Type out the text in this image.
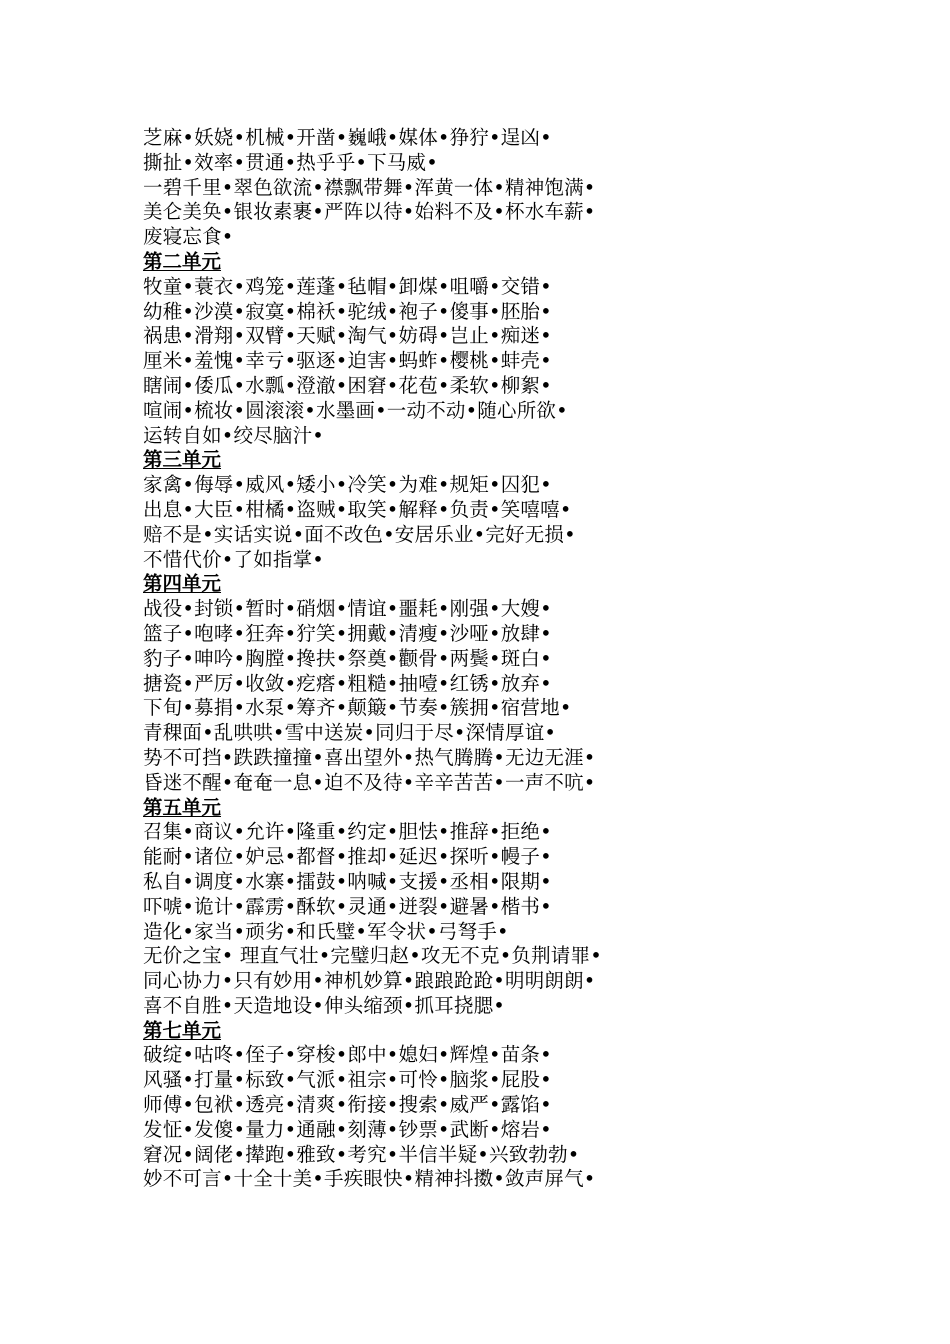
芝麻•妖娆•机械•开凿•巍峨•媒体•狰狞•逞凶•
撕扯•效率•贯通•热乎乎•下马威•
一碧千里•翠色欲流•襟飘带舞•浑黄一体•精神饱满•
美仑美奂•银妆素裹•严阵以待•始料不及•杯水车薪•
废寝忘食•
第二单元
牧童•蓑衣•鸡笼•莲蓬•毡帽•卸煤•咀嚼•交错•
幼稚•沙漠•寂寞•棉袄•驼绒•袍子•傻事•胚胎•
祸患•滑翔•双臂•天赋•淘气•妨碍•岂止•痴迷•
厘米•羞愧•幸亏•驱逐•迫害•蚂蚱•樱桃•蚌壳•
瞎闹•倭瓜•水瓢•澄澈•困窘•花苞•柔软•柳絮•
喧闹•梳妆•圆滚滚•水墨画•一动不动•随心所欲•
运转自如•绞尽脑汁•
第三单元
家禽•侮辱•威风•矮小•冷笑•为难•规矩•囚犯•
出息•大臣•柑橘•盗贼•取笑•解释•负责•笑嘻嘻•
赔不是•实话实说•面不改色•安居乐业•完好无损•
不惜代价•了如指掌•
第四单元
战役•封锁•暂时•硝烟•情谊•噩耗•刚强•大嫂•
篮子•咆哮•狂奔•狞笑•拥戴•清瘦•沙哑•放肆•
豹子•呻吟•胸膛•搀扶•祭奠•颧骨•两鬓•斑白•
搪瓷•严厉•收敛•疙瘩•粗糙•抽噎•红锈•放弃•
下旬•募捐•水泵•筹齐•颠簸•节奏•簇拥•宿营地•
青稞面•乱哄哄•雪中送炭•同归于尽•深情厚谊•
势不可挡•跌跌撞撞•喜出望外•热气腾腾•无边无涯•
昏迷不醒•奄奄一息•迫不及待•辛辛苦苦•一声不吭•
第五单元
召集•商议•允许•隆重•约定•胆怯•推辞•拒绝•
能耐•诸位•妒忌•都督•推却•延迟•探听•幔子•
私自•调度•水寨•擂鼓•呐喊•支援•丞相•限期•
吓唬•诡计•霹雳•酥软•灵通•迸裂•避暑•楷书•
造化•家当•顽劣•和氏璧•军令状•弓弩手•
无价之宝• 理直气壮•完璧归赵•攻无不克•负荆请罪•
同心协力•只有妙用•神机妙算•踉踉跄跄•明明朗朗•
喜不自胜•天造地设•伸头缩颈•抓耳挠腮•
第七单元
破绽•咕咚•侄子•穿梭•郎中•媳妇•辉煌•苗条•
风骚•打量•标致•气派•祖宗•可怜•脑浆•屁股•
师傅•包袱•透亮•清爽•衔接•搜索•威严•露馅•
发怔•发傻•量力•通融•刻薄•钞票•武断•熔岩•
窘况•阔佬•撵跑•雅致•考究•半信半疑•兴致勃勃•
妙不可言•十全十美•手疾眼快•精神抖擞•敛声屏气•
